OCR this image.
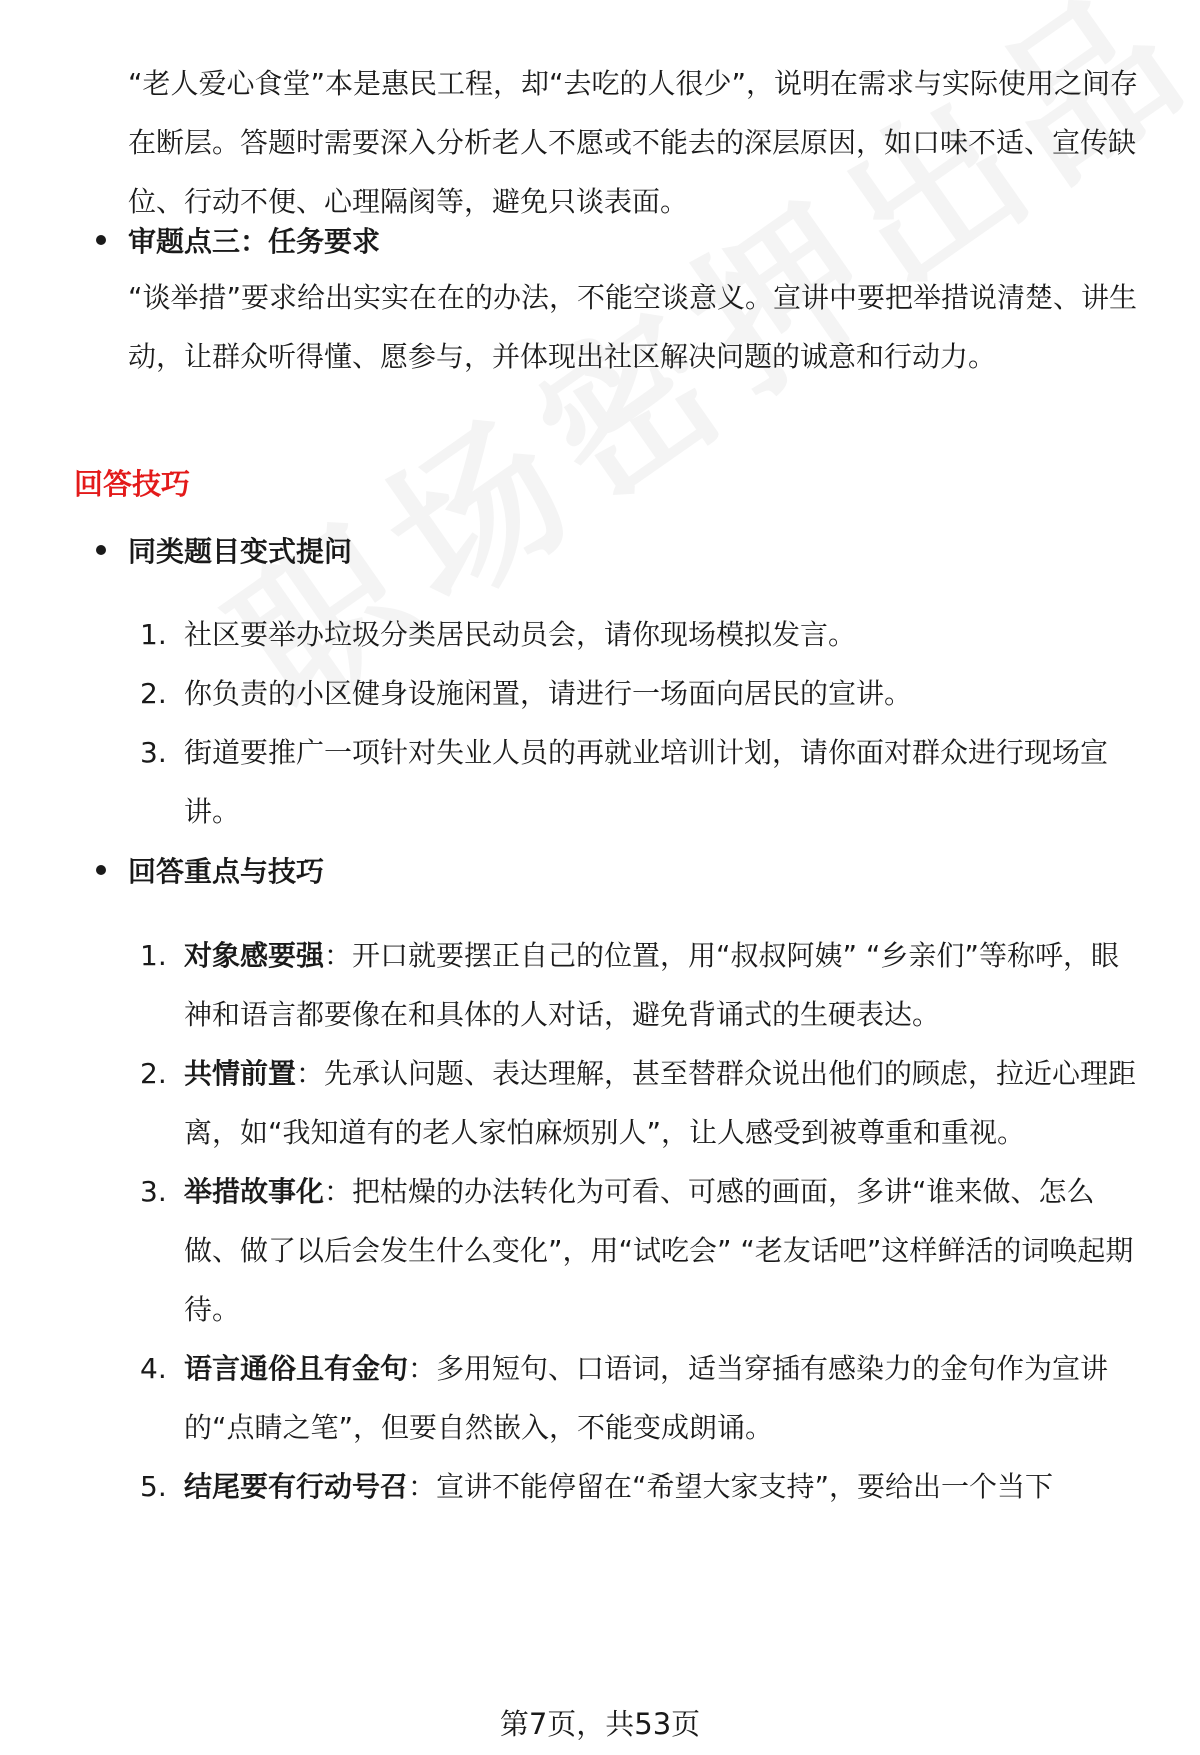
“老人爱心食堂”本是惠民工程，却“去吃的人很少”，说明在需求与实际使用之间存在断层。答题时需要深入分析老人不愿或不能去的深层原因，如口味不适、宣传缺位、行动不便、心理隔阂等，避免只谈表面。
审题点三：任务要求
“谈举措”要求给出实实在在的办法，不能空谈意义。宣讲中要把举措说清楚、讲生动，让群众听得懂、愿参与，并体现出社区解决问题的诚意和行动力。
回答技巧
同类题目变式提问
1. 社区要举办垃圾分类居民动员会，请你现场模拟发言。
2. 你负责的小区健身设施闲置，请进行一场面向居民的宣讲。
3. 街道要推广一项针对失业人员的再就业培训计划，请你面对群众进行现场宣讲。
回答重点与技巧
1. 对象感要强：开口就要摆正自己的位置，用“叔叔阿姨” “乡亲们”等称呼，眼神和语言都要像在和具体的人对话，避免背诵式的生硬表达。
2. 共情前置：先承认问题、表达理解，甚至替群众说出他们的顾虑，拉近心理距离，如“我知道有的老人家怕麻烦别人”，让人感受到被尊重和重视。
3. 举措故事化：把枯燥的办法转化为可看、可感的画面，多讲“谁来做、怎么做、做了以后会发生什么变化”，用“试吃会” “老友话吧”这样鲜活的词唤起期待。
4. 语言通俗且有金句：多用短句、口语词，适当穿插有感染力的金句作为宣讲的“点睛之笔”，但要自然嵌入，不能变成朗诵。
5. 结尾要有行动号召：宣讲不能停留在“希望大家支持”，要给出一个当下
第7页，共53页
